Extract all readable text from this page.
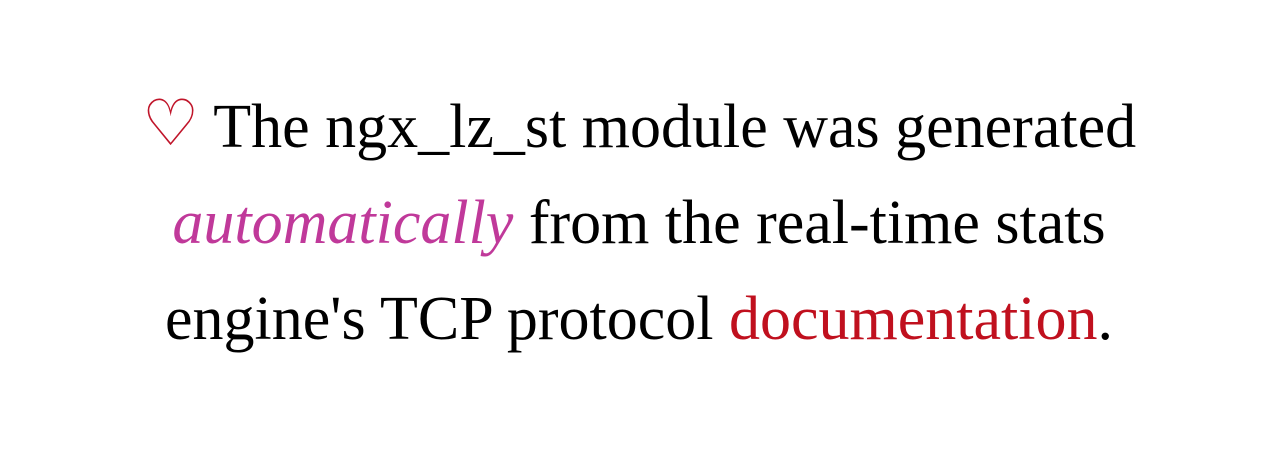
♡ The ngx_lz_st module was generated
automatically from the real-time stats
engine's TCP protocol documentation.
